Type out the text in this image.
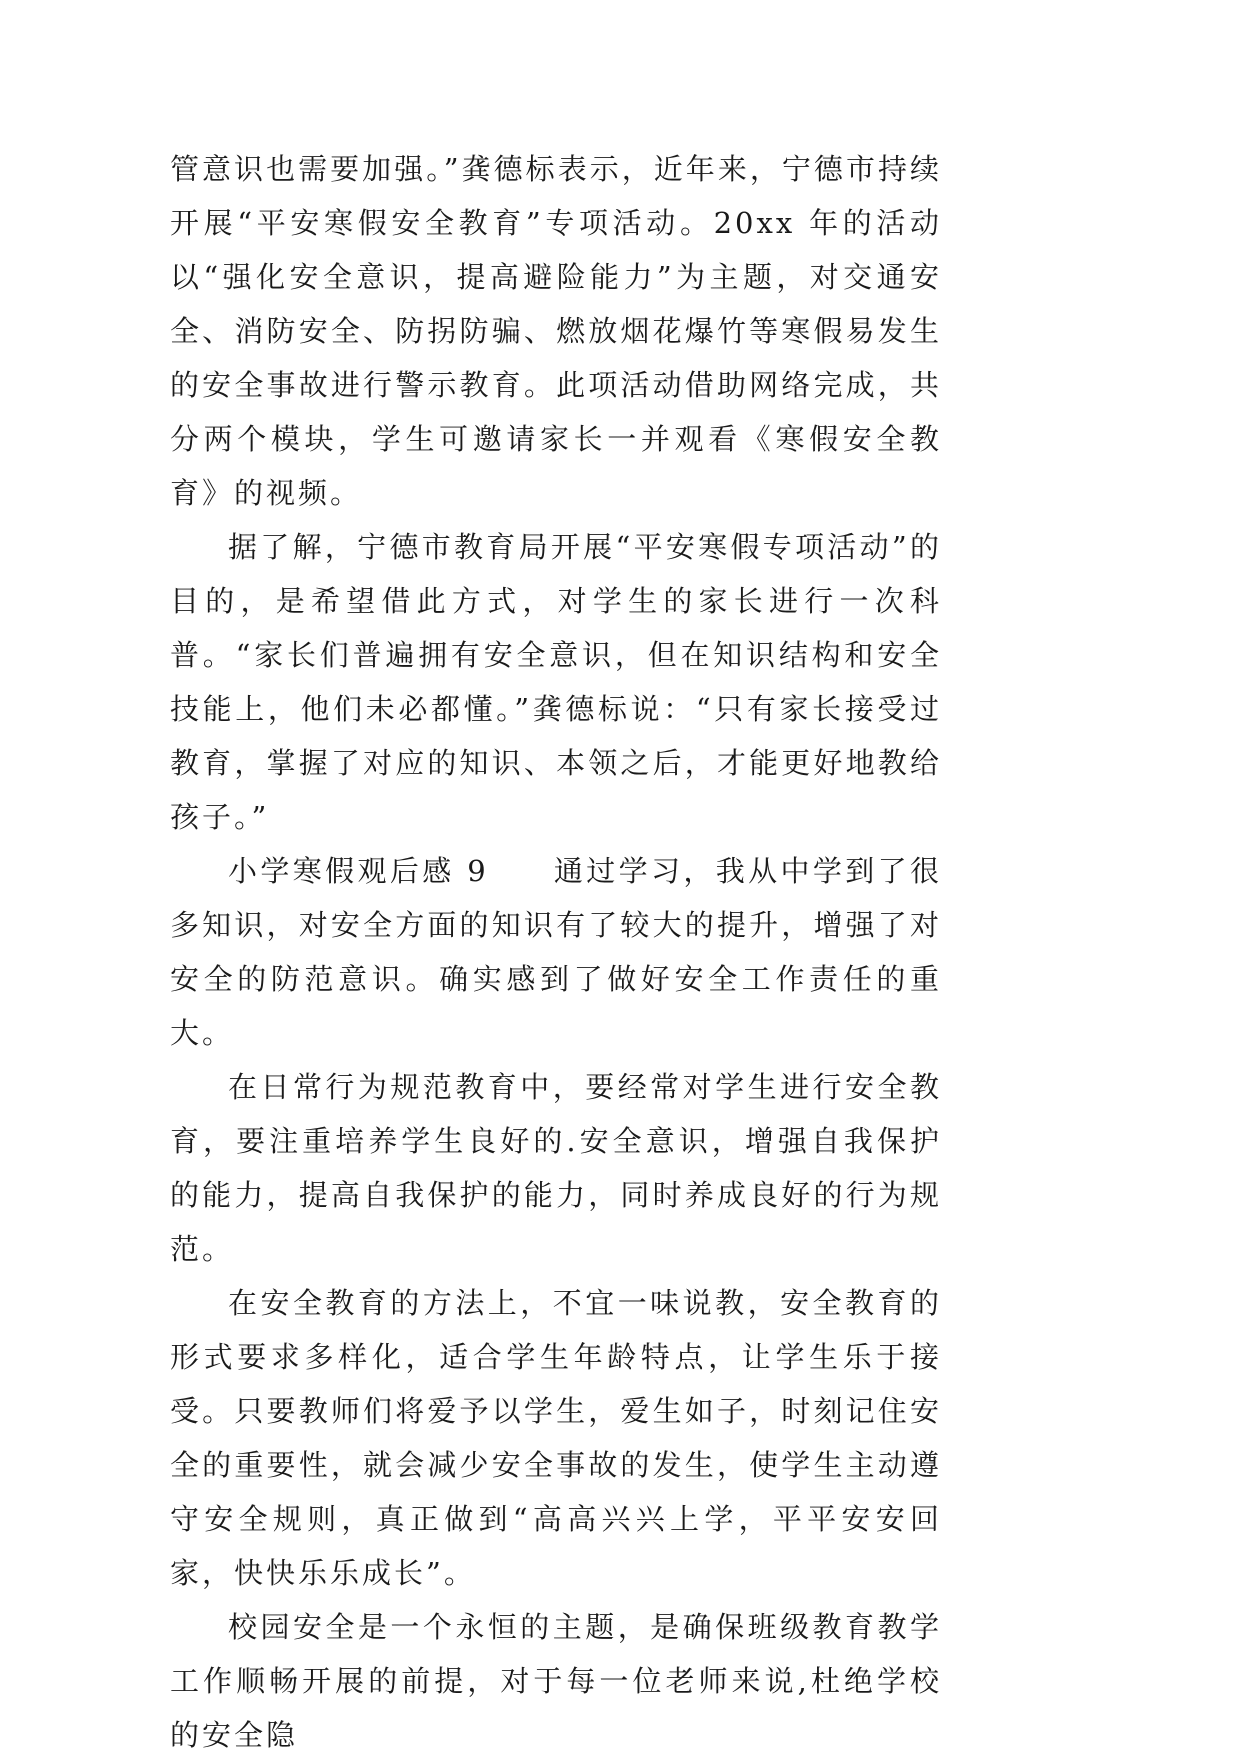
管意识也需要加强。”龚德标表示，近年来，宁德市持续开展“平安寒假安全教育”专项活动。20xx 年的活动以“强化安全意识，提高避险能力”为主题，对交通安全、消防安全、防拐防骗、燃放烟花爆竹等寒假易发生的安全事故进行警示教育。此项活动借助网络完成，共分两个模块，学生可邀请家长一并观看《寒假安全教育》的视频。

据了解，宁德市教育局开展“平安寒假专项活动”的目的，是希望借此方式，对学生的家长进行一次科普。“家长们普遍拥有安全意识，但在知识结构和安全技能上，他们未必都懂。”龚德标说：“只有家长接受过教育，掌握了对应的知识、本领之后，才能更好地教给孩子。”

小学寒假观后感 9　　通过学习，我从中学到了很多知识，对安全方面的知识有了较大的提升，增强了对安全的防范意识。确实感到了做好安全工作责任的重大。

在日常行为规范教育中，要经常对学生进行安全教育，要注重培养学生良好的.安全意识，增强自我保护的能力，提高自我保护的能力，同时养成良好的行为规范。

在安全教育的方法上，不宜一味说教，安全教育的形式要求多样化，适合学生年龄特点，让学生乐于接受。只要教师们将爱予以学生，爱生如子，时刻记住安全的重要性，就会减少安全事故的发生，使学生主动遵守安全规则，真正做到“高高兴兴上学，平平安安回家，快快乐乐成长”。

校园安全是一个永恒的主题，是确保班级教育教学工作顺畅开展的前提，对于每一位老师来说,杜绝学校的安全隐
